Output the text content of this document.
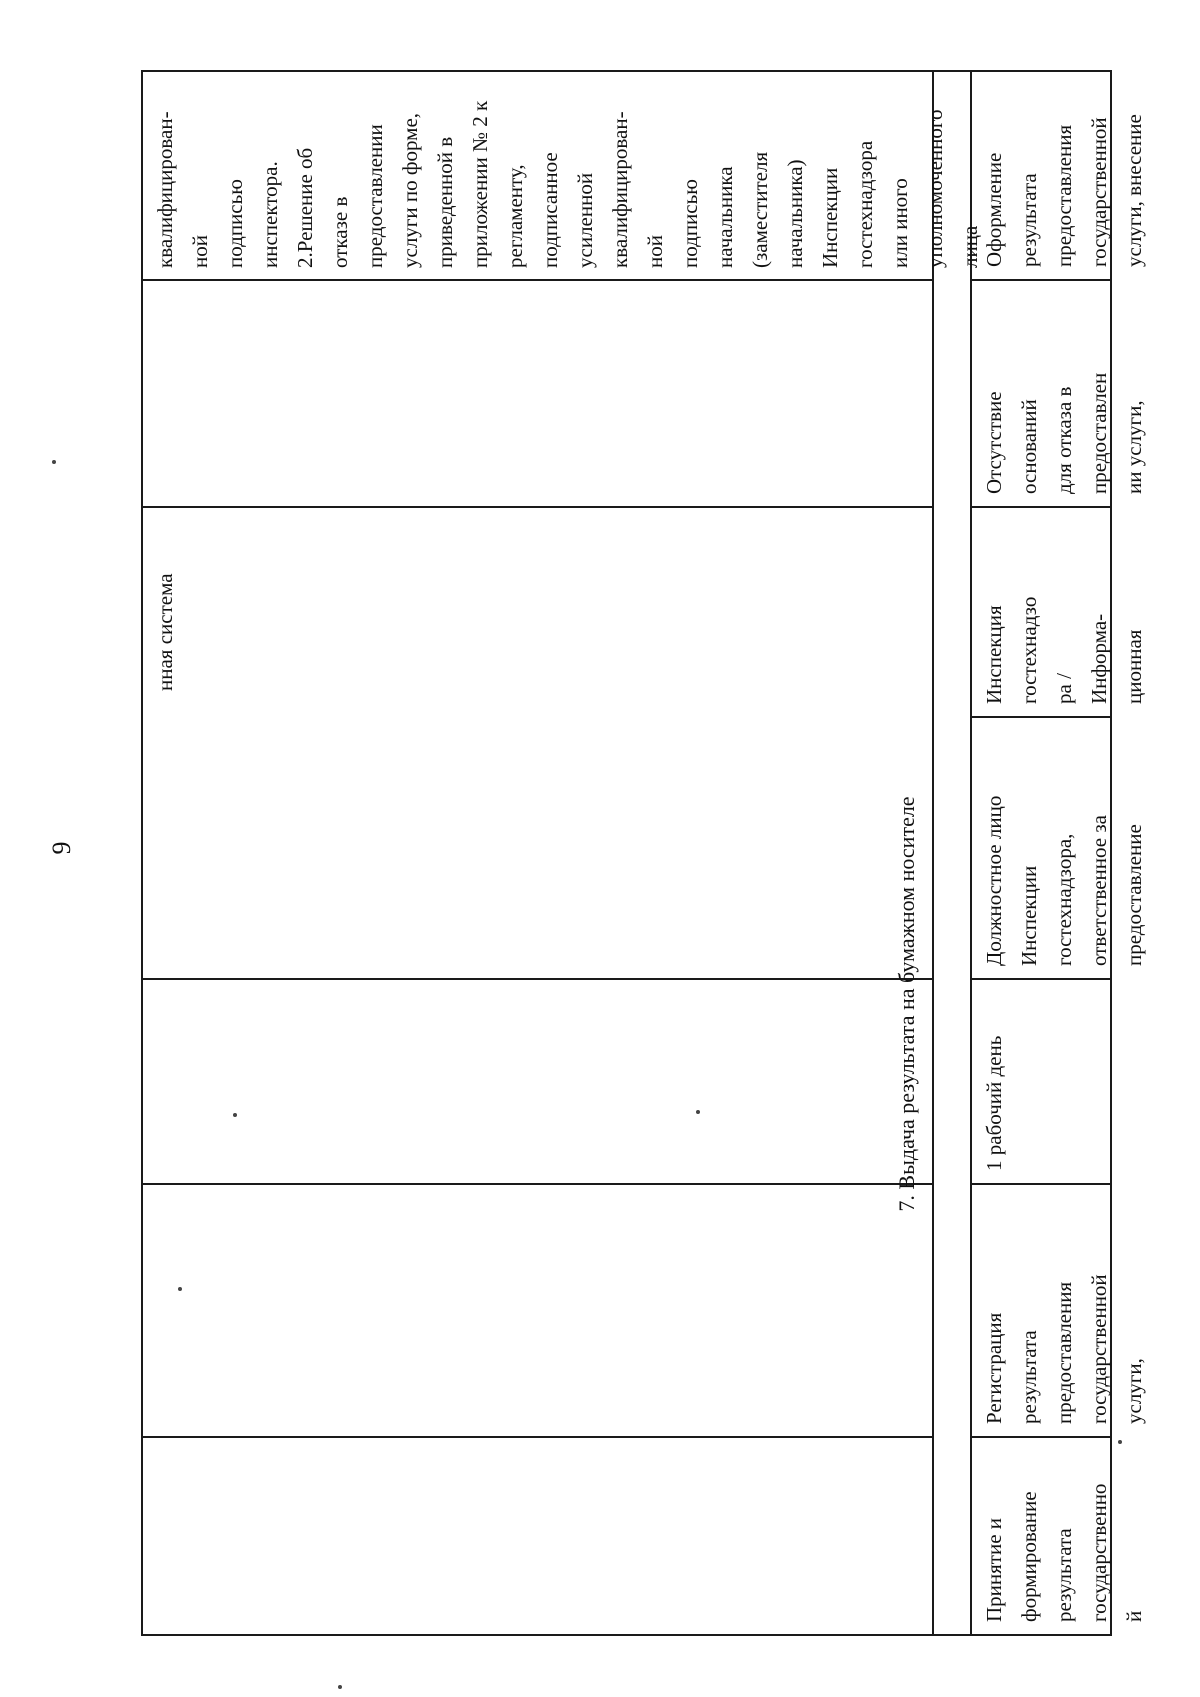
9
нная система
квалифицирован- ной подписью инспектора. 2.Решение об отказе в предоставлении услуги по форме, приведенной в приложении № 2 к регламенту, подписанное усиленной квалифицирован- ной подписью начальника (заместителя начальника) Инспекции гостехнадзора или иного уполномоченного лица
7. Выдача результата на бумажном носителе
Принятие и формирование результата государственно й
Регистрация результата предоставления государственной услуги,
1 рабочий день
Должностное лицо Инспекции гостехнадзора, ответственное за предоставление
Инспекция гостехнадзо ра / Информа- ционная
Отсутствие оснований для отказа в предоставлен ии услуги,
Оформление результата предоставления государственной услуги, внесение
